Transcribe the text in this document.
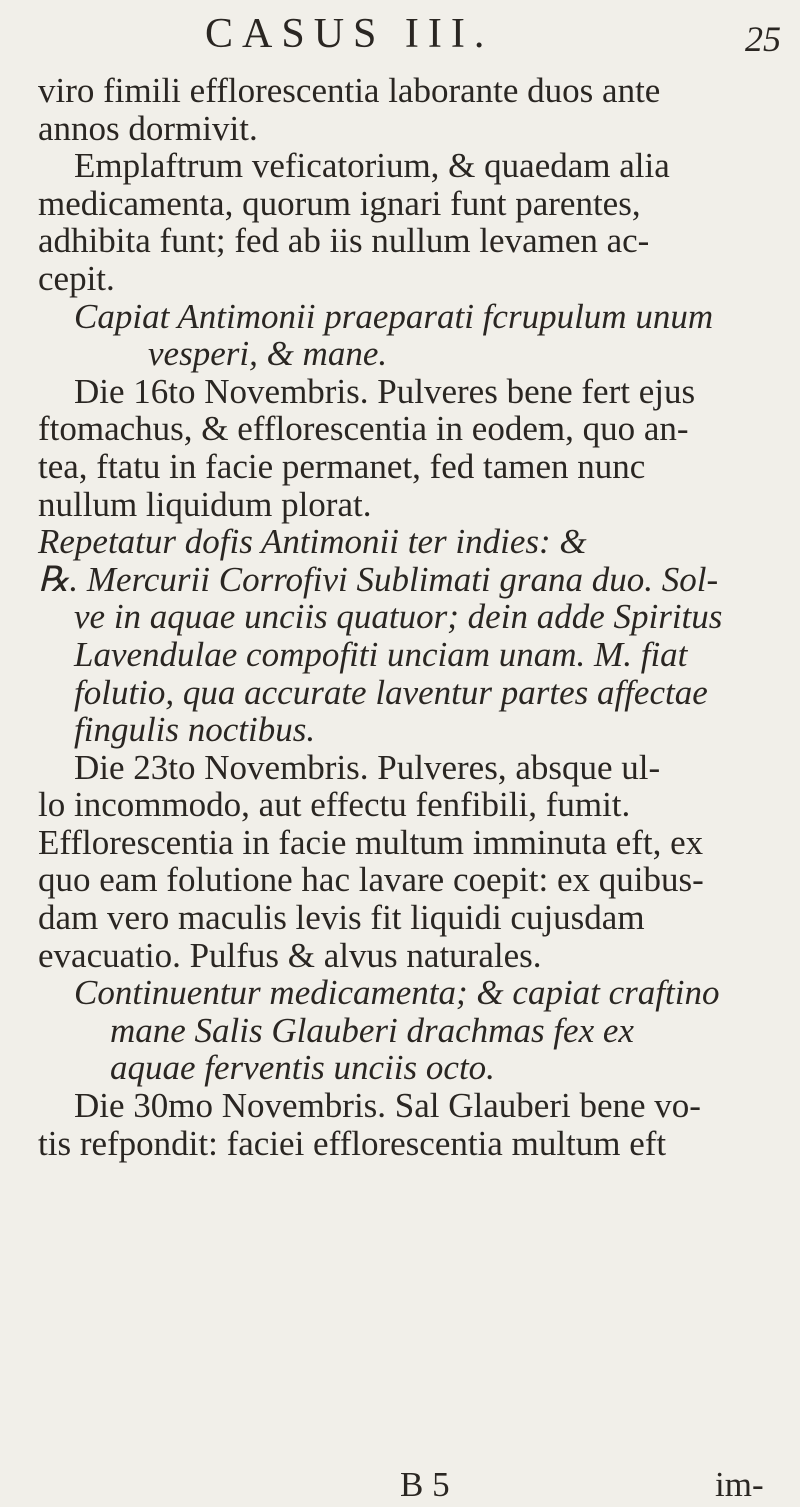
CASUS III.	25
viro fimili efflorescentia laborante duos ante
annos dormivit.
Emplaftrum veficatorium, & quaedam alia
medicamenta, quorum ignari funt parentes,
adhibita funt; fed ab iis nullum levamen ac-
cepit.
Capiat Antimonii praeparati fcrupulum unum
vesperi, & mane.
Die 16to Novembris. Pulveres bene fert ejus
ftomachus, & efflorescentia in eodem, quo an-
tea, ftatu in facie permanet, fed tamen nunc
nullum liquidum plorat.
Repetatur dofis Antimonii ter indies: &
℞. Mercurii Corrofivi Sublimati grana duo. Sol-
ve in aquae unciis quatuor; dein adde Spiritus
Lavendulae compofiti unciam unam. M. fiat
folutio, qua accurate laventur partes affectae
fingulis noctibus.
Die 23to Novembris. Pulveres, absque ul-
lo incommodo, aut effectu fenfibili, fumit.
Efflorescentia in facie multum imminuta eft, ex
quo eam folutione hac lavare coepit: ex quibus-
dam vero maculis levis fit liquidi cujusdam
evacuatio. Pulfus & alvus naturales.
Continuentur medicamenta; & capiat craftino
mane Salis Glauberi drachmas fex ex
aquae ferventis unciis octo.
Die 30mo Novembris. Sal Glauberi bene vo-
tis refpondit: faciei efflorescentia multum eft
B 5	im-
